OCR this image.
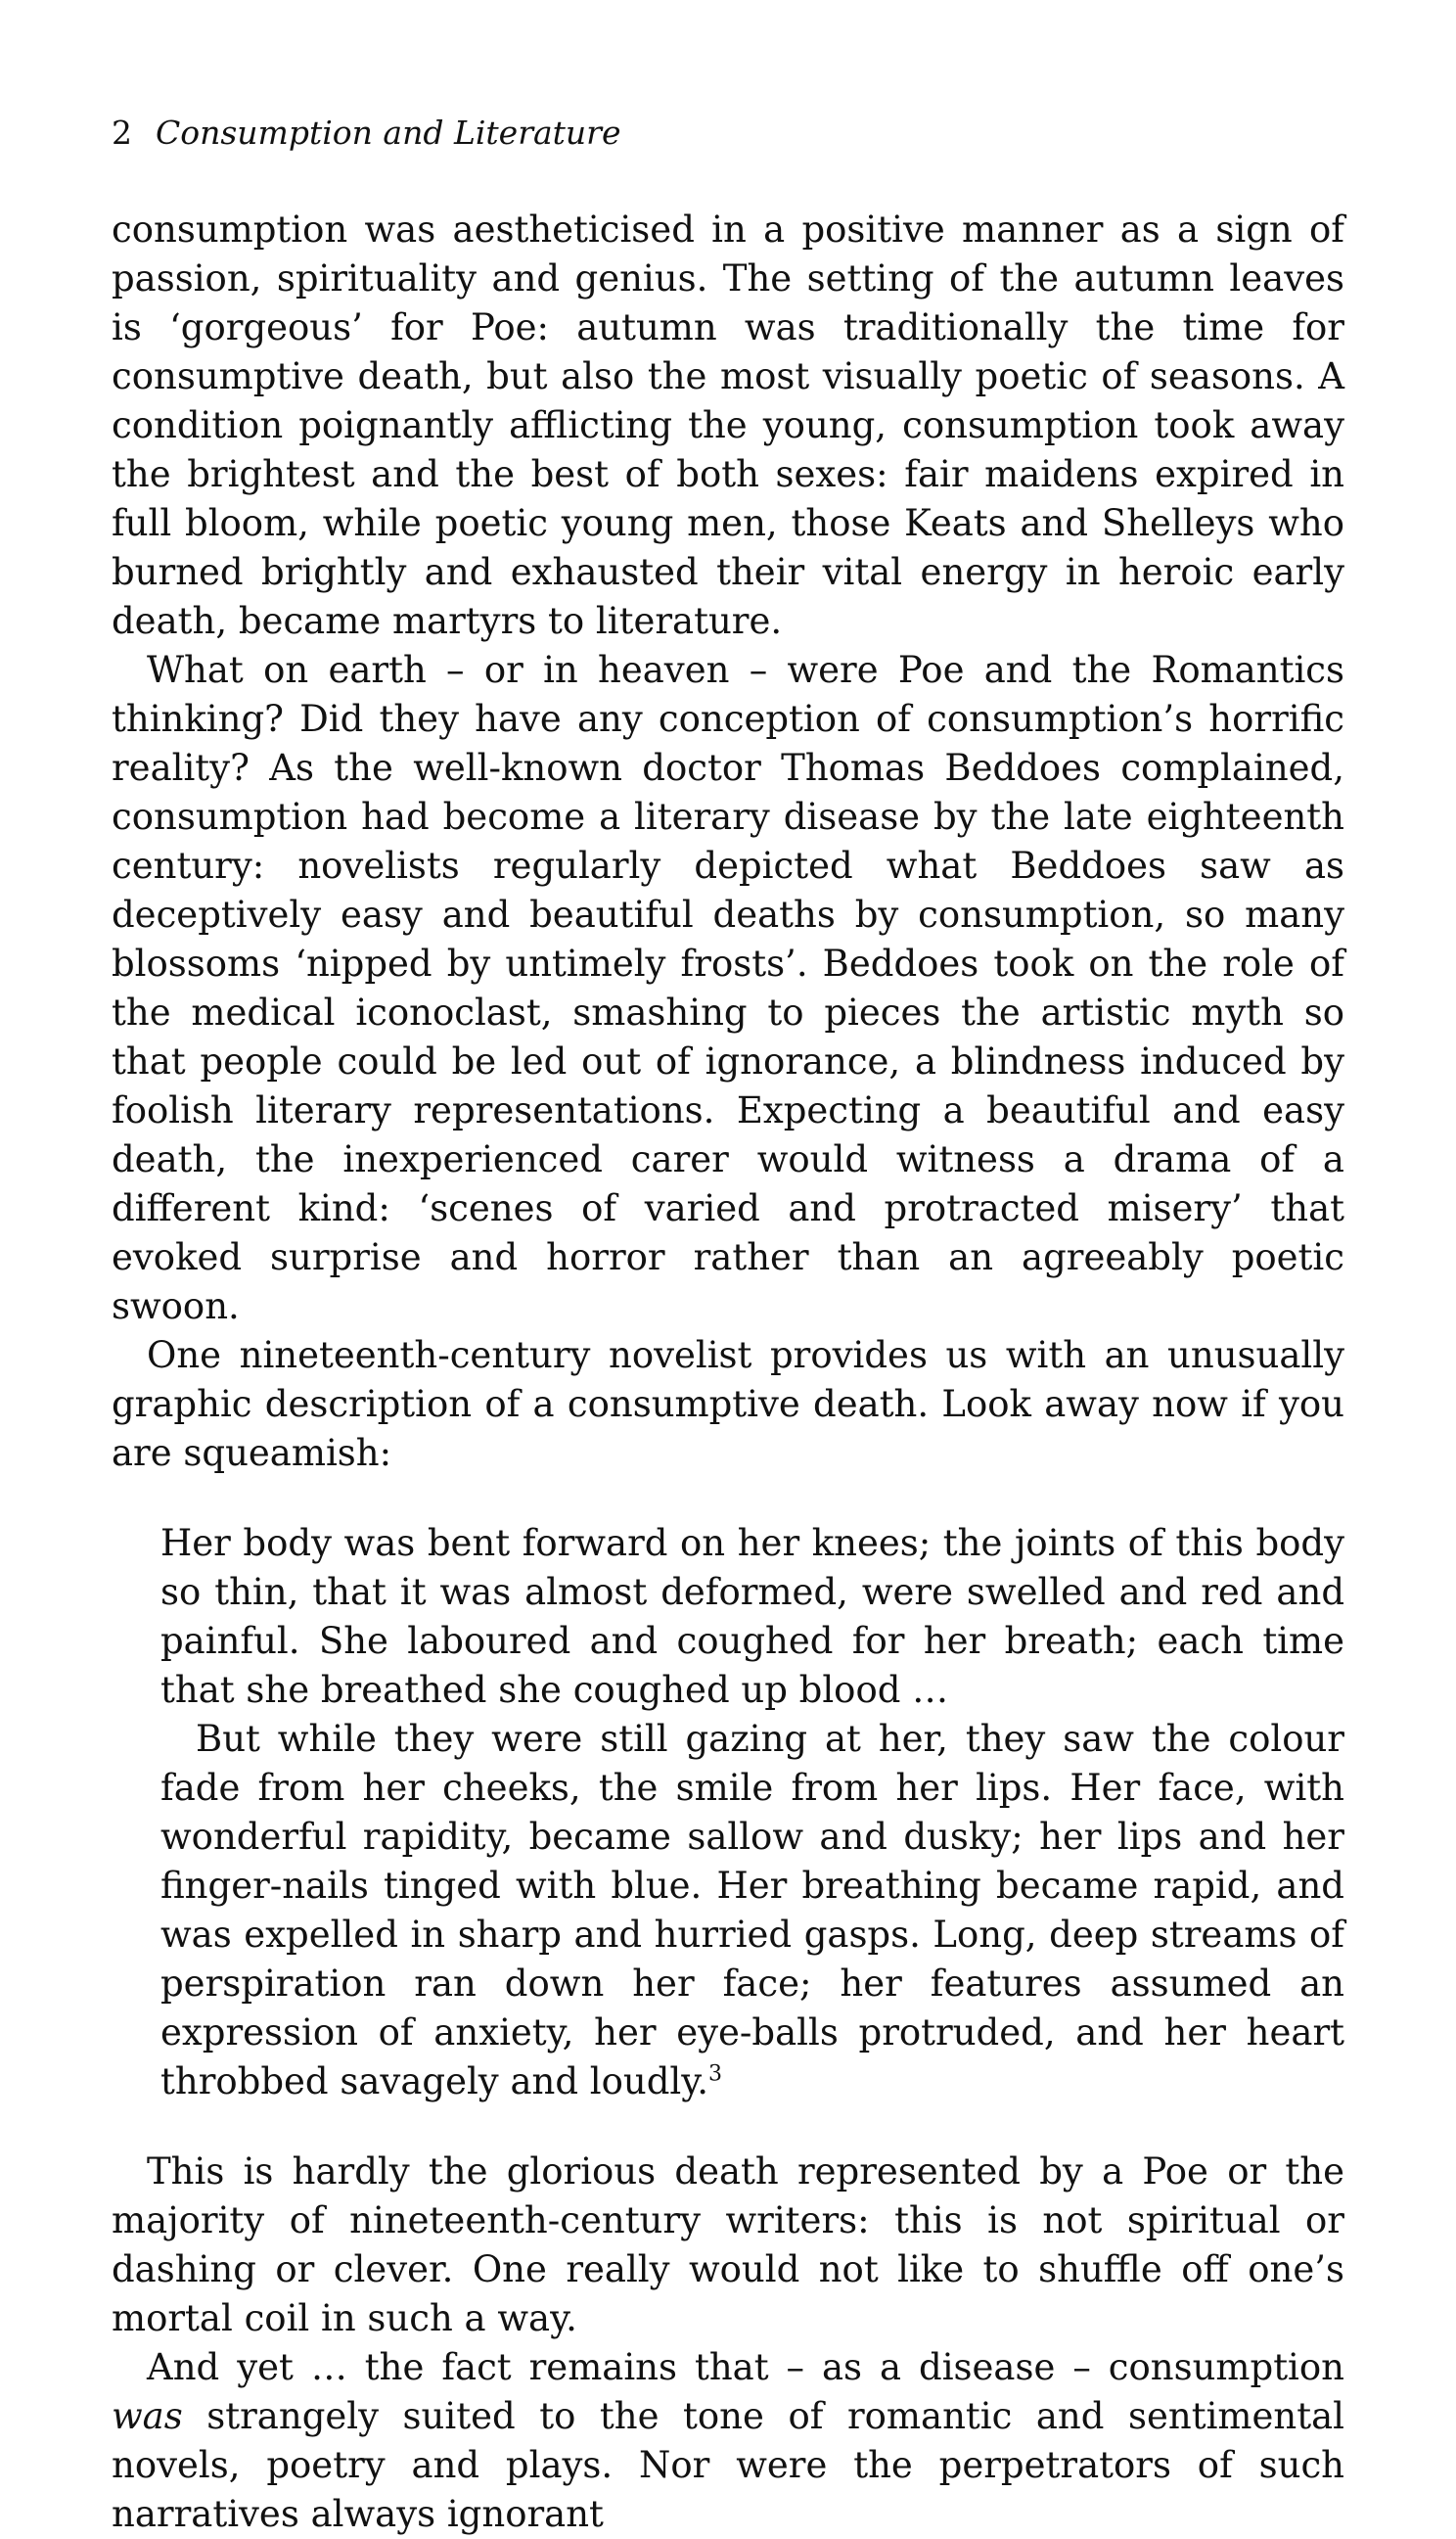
2 Consumption and Literature

consumption was aestheticised in a positive manner as a sign of passion, spirituality and genius. The setting of the autumn leaves is ‘gorgeous’ for Poe: autumn was traditionally the time for consumptive death, but also the most visually poetic of seasons. A condition poignantly afflicting the young, consumption took away the brightest and the best of both sexes: fair maidens expired in full bloom, while poetic young men, those Keats and Shelleys who burned brightly and exhausted their vital energy in heroic early death, became martyrs to literature.

What on earth – or in heaven – were Poe and the Romantics thinking? Did they have any conception of consumption’s horrific reality? As the well-known doctor Thomas Beddoes complained, consumption had become a literary disease by the late eighteenth century: novelists regularly depicted what Beddoes saw as deceptively easy and beautiful deaths by consumption, so many blossoms ‘nipped by untimely frosts’. Beddoes took on the role of the medical iconoclast, smashing to pieces the artistic myth so that people could be led out of ignorance, a blindness induced by foolish literary representations. Expecting a beautiful and easy death, the inexperienced carer would witness a drama of a different kind: ‘scenes of varied and protracted misery’ that evoked surprise and horror rather than an agreeably poetic swoon.

One nineteenth-century novelist provides us with an unusually graphic description of a consumptive death. Look away now if you are squeamish:

Her body was bent forward on her knees; the joints of this body so thin, that it was almost deformed, were swelled and red and painful. She laboured and coughed for her breath; each time that she breathed she coughed up blood …

But while they were still gazing at her, they saw the colour fade from her cheeks, the smile from her lips. Her face, with wonderful rapidity, became sallow and dusky; her lips and her finger-nails tinged with blue. Her breathing became rapid, and was expelled in sharp and hurried gasps. Long, deep streams of perspiration ran down her face; her features assumed an expression of anxiety, her eye-balls protruded, and her heart throbbed savagely and loudly.$^3$

This is hardly the glorious death represented by a Poe or the majority of nineteenth-century writers: this is not spiritual or dashing or clever. One really would not like to shuffle off one’s mortal coil in such a way.

And yet … the fact remains that – as a disease – consumption was strangely suited to the tone of romantic and sentimental novels, poetry and plays. Nor were the perpetrators of such narratives always ignorant
